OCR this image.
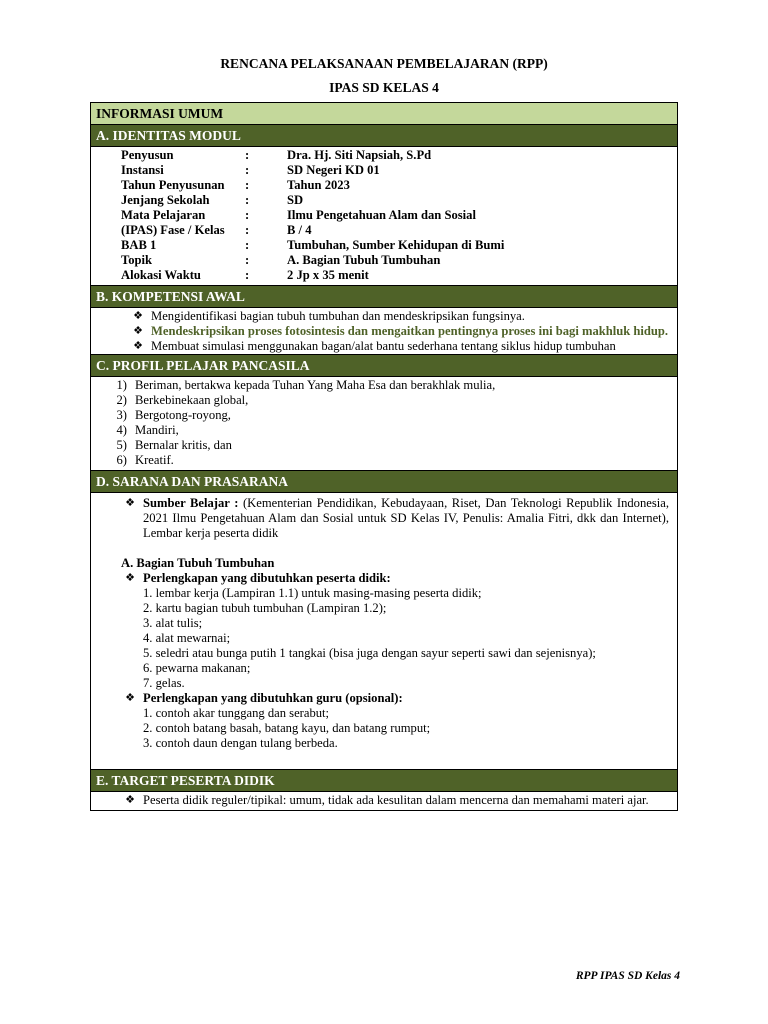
RENCANA PELAKSANAAN PEMBELAJARAN (RPP)
IPAS SD KELAS 4
INFORMASI UMUM
A. IDENTITAS MODUL
Penyusun	:	Dra. Hj. Siti Napsiah, S.Pd
Instansi	:	SD Negeri KD 01
Tahun Penyusunan	:	Tahun 2023
Jenjang Sekolah	:	SD
Mata Pelajaran	:	Ilmu Pengetahuan Alam dan Sosial
(IPAS) Fase / Kelas	:	B / 4
BAB 1	:	Tumbuhan, Sumber Kehidupan di Bumi
Topik	:	A. Bagian Tubuh Tumbuhan
Alokasi Waktu	:	2 Jp x 35 menit
B. KOMPETENSI AWAL
❖ Mengidentifikasi bagian tubuh tumbuhan dan mendeskripsikan fungsinya.
❖ Mendeskripsikan proses fotosintesis dan mengaitkan pentingnya proses ini bagi makhluk hidup.
❖ Membuat simulasi menggunakan bagan/alat bantu sederhana tentang siklus hidup tumbuhan
C. PROFIL PELAJAR PANCASILA
1) Beriman, bertakwa kepada Tuhan Yang Maha Esa dan berakhlak mulia,
2) Berkebinekaan global,
3) Bergotong-royong,
4) Mandiri,
5) Bernalar kritis, dan
6) Kreatif.
D. SARANA DAN PRASARANA
❖ Sumber Belajar : (Kementerian Pendidikan, Kebudayaan, Riset, Dan Teknologi Republik Indonesia, 2021 Ilmu Pengetahuan Alam dan Sosial untuk SD Kelas IV, Penulis: Amalia Fitri, dkk dan Internet), Lembar kerja peserta didik
A. Bagian Tubuh Tumbuhan
❖ Perlengkapan yang dibutuhkan peserta didik:
1. lembar kerja (Lampiran 1.1) untuk masing-masing peserta didik;
2. kartu bagian tubuh tumbuhan (Lampiran 1.2);
3. alat tulis;
4. alat mewarnai;
5. seledri atau bunga putih 1 tangkai (bisa juga dengan sayur seperti sawi dan sejenisnya);
6. pewarna makanan;
7. gelas.
❖ Perlengkapan yang dibutuhkan guru (opsional):
1. contoh akar tunggang dan serabut;
2. contoh batang basah, batang kayu, dan batang rumput;
3. contoh daun dengan tulang berbeda.
E. TARGET PESERTA DIDIK
❖ Peserta didik reguler/tipikal: umum, tidak ada kesulitan dalam mencerna dan memahami materi ajar.
RPP IPAS SD Kelas 4
